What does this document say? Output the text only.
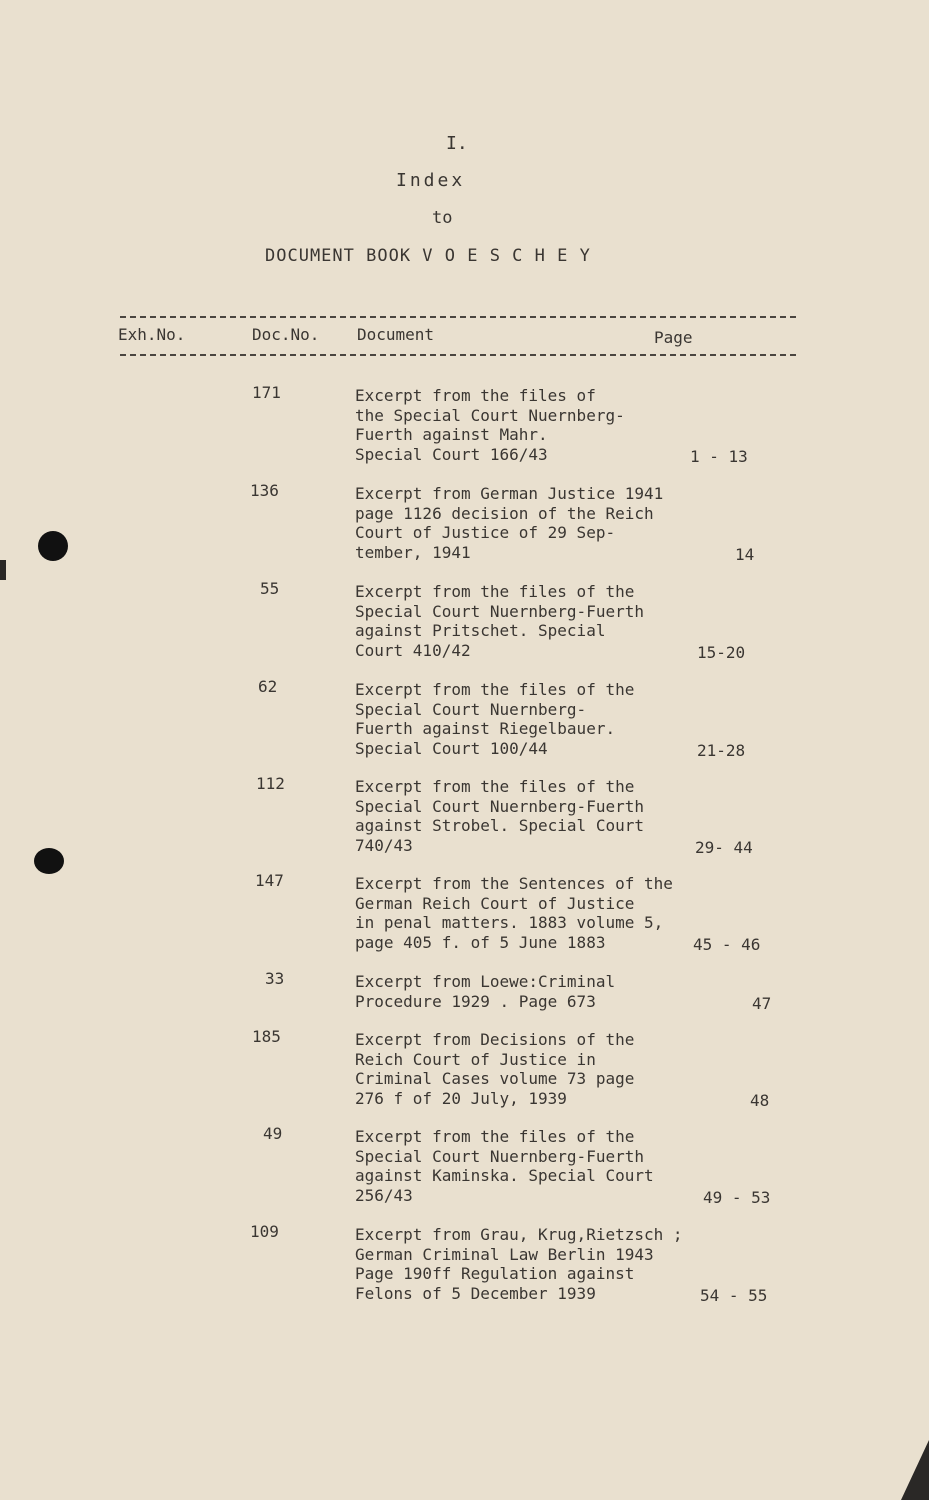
I.
Index
to
DOCUMENT BOOK V O E S C H E Y
Exh.No.	Doc.No. Document	Page
171	Excerpt from the files of
the Special Court Nuernberg-
Fuerth against Mahr.
Special Court 166/43	1 - 13
136	Excerpt from German Justice 1941
page 1126 decision of the Reich
Court of Justice of 29 Sep-
tember, 1941	14
55	Excerpt from the files of the
Special Court Nuernberg-Fuerth
against Pritschet. Special
Court 410/42	15-20
62	Excerpt from the files of the
Special Court Nuernberg-
Fuerth against Riegelbauer.
Special Court 100/44	21-28
112	Excerpt from the files of the
Special Court Nuernberg-Fuerth
against Strobel. Special Court
740/43	29- 44
147	Excerpt from the Sentences of the
German Reich Court of Justice
in penal matters. 1883 volume 5,
page 405 f. of 5 June 1883	45 - 46
33	Excerpt from Loewe:Criminal
Procedure 1929 . Page 673	47
185	Excerpt from Decisions of the
Reich Court of Justice in
Criminal Cases volume 73 page
276 f of 20 July, 1939	48
49	Excerpt from the files of the
Special Court Nuernberg-Fuerth
against Kaminska. Special Court
256/43	49 - 53
109	Excerpt from Grau, Krug,Rietzsch ;
German Criminal Law Berlin 1943
Page 190ff Regulation against
Felons of 5 December 1939	54 - 55
